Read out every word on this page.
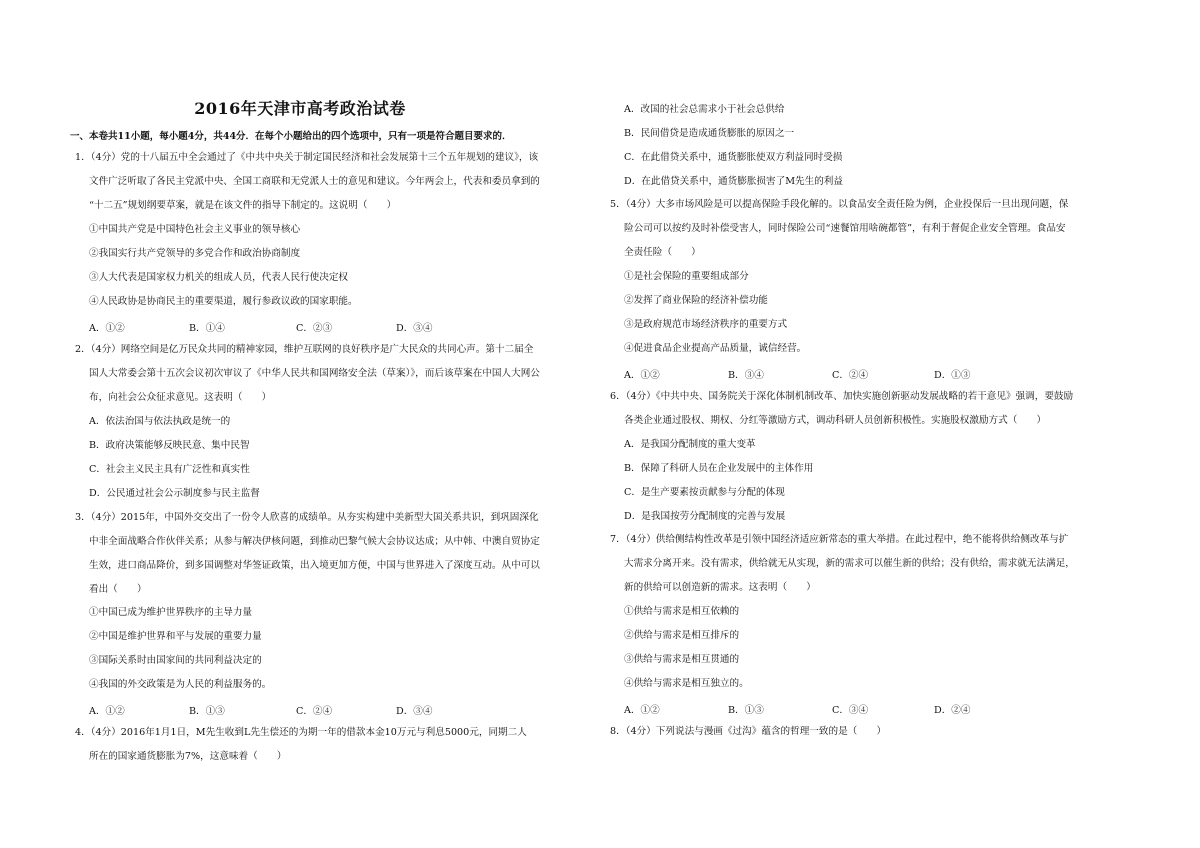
2016年天津市高考政治试卷
一、本卷共11小题，每小题4分，共44分．在每个小题给出的四个选项中，只有一项是符合题目要求的．
1．（4分）党的十八届五中全会通过了《中共中央关于制定国民经济和社会发展第十三个五年规划的建议》，该
文件广泛听取了各民主党派中央、全国工商联和无党派人士的意见和建议。今年两会上，代表和委员拿到的
“十二五”规划纲要草案，就是在该文件的指导下制定的。这说明（　　）
①中国共产党是中国特色社会主义事业的领导核心
②我国实行共产党领导的多党合作和政治协商制度
③人大代表是国家权力机关的组成人员，代表人民行使决定权
④人民政协是协商民主的重要渠道，履行参政议政的国家职能。
A．①②	B．①④	C．②③	D．③④
2．（4分）网络空间是亿万民众共同的精神家园，维护互联网的良好秩序是广大民众的共同心声。第十二届全
国人大常委会第十五次会议初次审议了《中华人民共和国网络安全法（草案）》，而后该草案在中国人大网公
布，向社会公众征求意见。这表明（　　）
A．依法治国与依法执政是统一的
B．政府决策能够反映民意、集中民智
C．社会主义民主具有广泛性和真实性
D．公民通过社会公示制度参与民主监督
3．（4分）2015年，中国外交交出了一份令人欣喜的成绩单。从夯实构建中美新型大国关系共识，到巩固深化
中非全面战略合作伙伴关系；从参与解决伊核问题，到推动巴黎气候大会协议达成；从中韩、中澳自贸协定
生效，进口商品降价，到多国调整对华签证政策，出入境更加方便，中国与世界进入了深度互动。从中可以
看出（　　）
①中国已成为维护世界秩序的主导力量
②中国是维护世界和平与发展的重要力量
③国际关系时由国家间的共同利益决定的
④我国的外交政策是为人民的利益服务的。
A．①②	B．①③	C．②④	D．③④
4．（4分）2016年1月1日，M先生收到L先生偿还的为期一年的借款本金10万元与利息5000元，同期二人
所在的国家通货膨胀为7%，这意味着（　　）
A．改国的社会总需求小于社会总供给
B．民间借贷是造成通货膨胀的原因之一
C．在此借贷关系中，通货膨胀使双方利益同时受损
D．在此借贷关系中，通货膨胀损害了M先生的利益
5．（4分）大多市场风险是可以提高保险手段化解的。以食品安全责任险为例，企业投保后一旦出现问题，保
险公司可以按约及时补偿受害人，同时保险公司“速餐馆用啥碗都管”，有利于督促企业安全管理。食品安
全责任险（　　）
①是社会保险的重要组成部分
②发挥了商业保险的经济补偿功能
③是政府规范市场经济秩序的重要方式
④促进食品企业提高产品质量，诚信经营。
A．①②	B．③④	C．②④	D．①③
6．（4分）《中共中央、国务院关于深化体制机制改革、加快实施创新驱动发展战略的若干意见》强调，要鼓励
各类企业通过股权、期权、分红等激励方式，调动科研人员创新积极性。实施股权激励方式（　　）
A．是我国分配制度的重大变革
B．保障了科研人员在企业发展中的主体作用
C．是生产要素按贡献参与分配的体现
D．是我国按劳分配制度的完善与发展
7．（4分）供给侧结构性改革是引领中国经济适应新常态的重大举措。在此过程中，绝不能将供给侧改革与扩
大需求分离开来。没有需求，供给就无从实现，新的需求可以催生新的供给；没有供给，需求就无法满足，
新的供给可以创造新的需求。这表明（　　）
①供给与需求是相互依赖的
②供给与需求是相互排斥的
③供给与需求是相互贯通的
④供给与需求是相互独立的。
A．①②	B．①③	C．③④	D．②④
8．（4分）下列说法与漫画《过沟》蕴含的哲理一致的是（　　）
